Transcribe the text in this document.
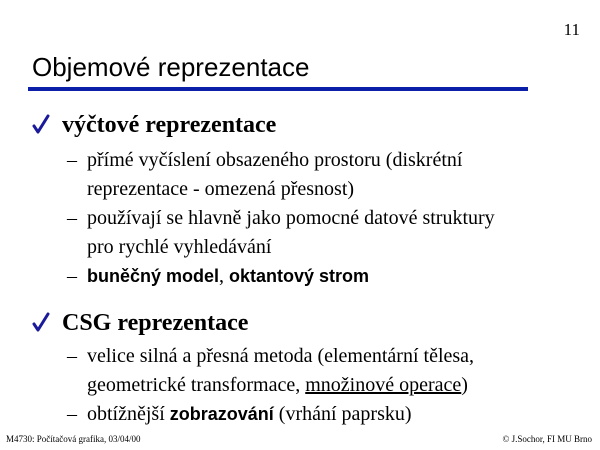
11
Objemové reprezentace
výčtové reprezentace
– přímé vyčíslení obsazeného prostoru (diskrétní
reprezentace - omezená přesnost)
– používají se hlavně jako pomocné datové struktury
pro rychlé vyhledávání
– buněčný model, oktantový strom
CSG reprezentace
– velice silná a přesná metoda (elementární tělesa,
geometrické transformace, množinové operace)
– obtížnější zobrazování (vrhání paprsku)
M4730: Počítačová grafika, 03/04/00	© J.Sochor, FI MU Brno
